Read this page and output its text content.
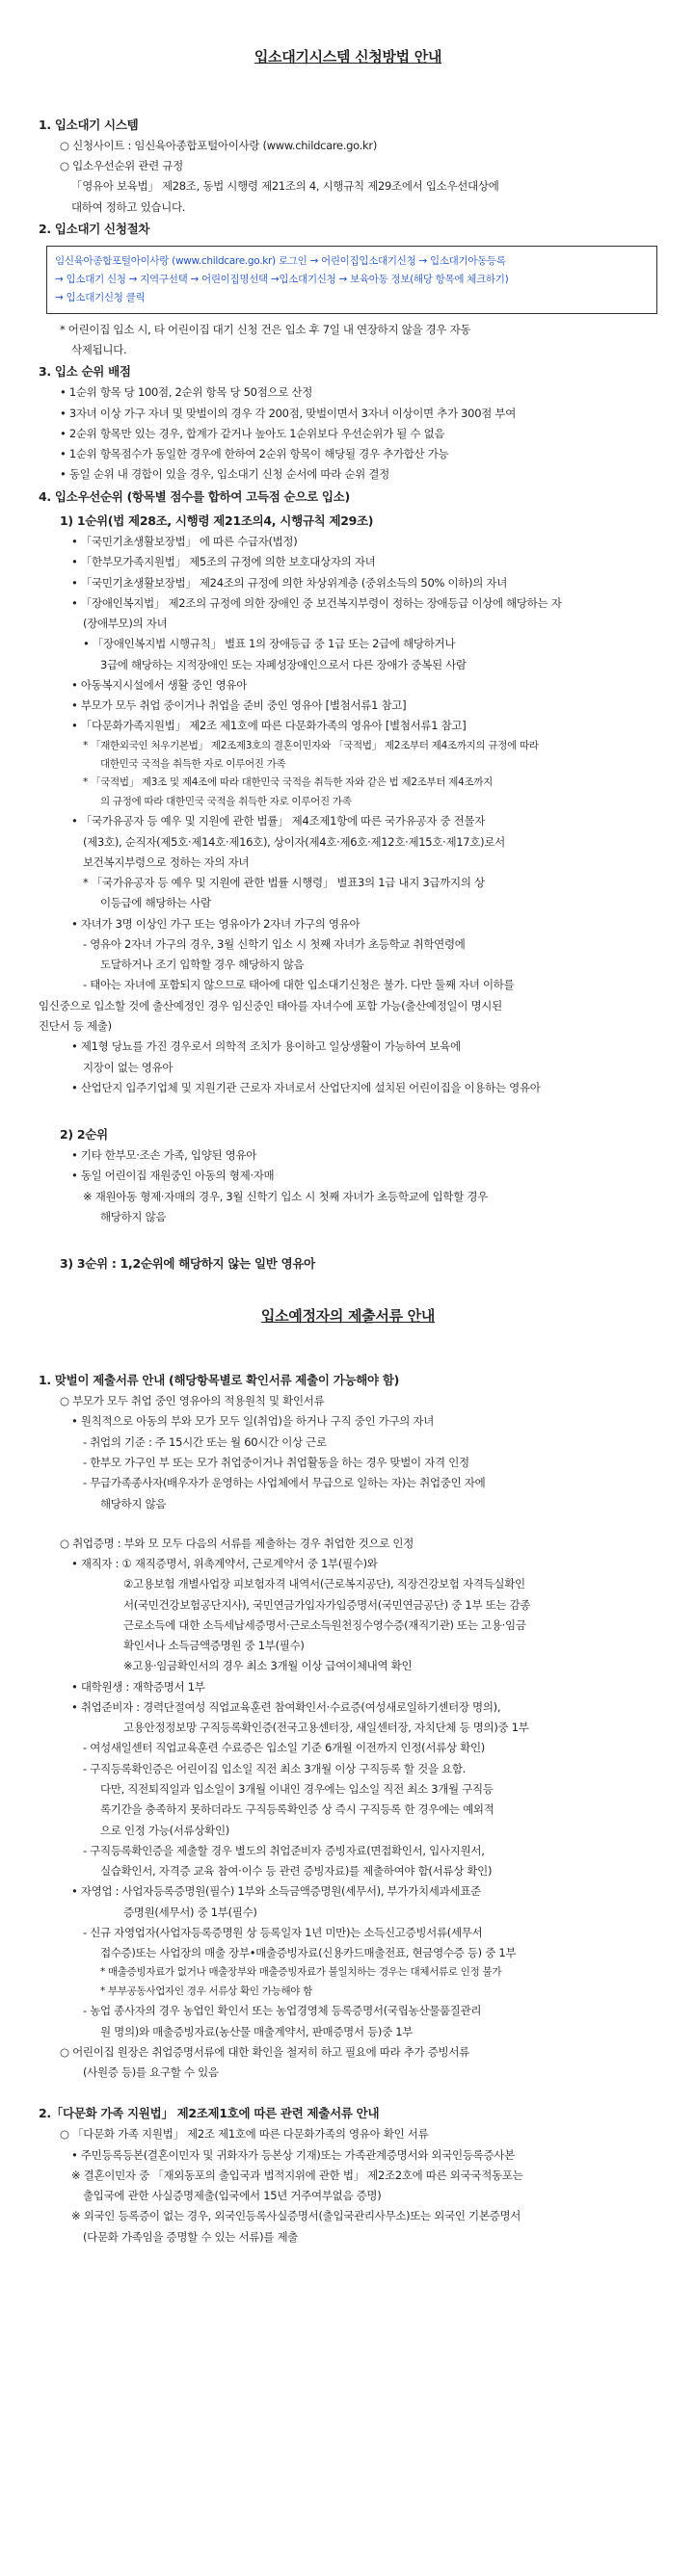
입소대기시스템 신청방법 안내
1. 입소대기 시스템
○ 신청사이트 : 임신육아종합포털아이사랑 (www.childcare.go.kr)
○ 입소우선순위 관련 규정
「영유아 보육법」 제28조, 동법 시행령 제21조의 4, 시행규칙 제29조에서 입소우선대상에
대하여 정하고 있습니다.
2. 입소대기 신청절차
임신육아종합포털아이사랑 (www.childcare.go.kr) 로그인 → 어린이집입소대기신청 → 입소대기아동등록
→ 입소대기 신청 → 지역구선택 → 어린이집명선택 →입소대기신청 → 보육아동 정보(해당 항목에 체크하기)
→ 입소대기신청 클릭
* 어린이집 입소 시, 타 어린이집 대기 신청 건은 입소 후 7일 내 연장하지 않을 경우 자동
삭제됩니다.
3. 입소 순위 배점
• 1순위 항목 당 100점, 2순위 항목 당 50점으로 산정
• 3자녀 이상 가구 자녀 및 맞벌이의 경우 각 200점, 맞벌이면서 3자녀 이상이면 추가 300점 부여
• 2순위 항목만 있는 경우, 합계가 같거나 높아도 1순위보다 우선순위가 될 수 없음
• 1순위 항목점수가 동일한 경우에 한하여 2순위 항목이 해당될 경우 추가합산 가능
• 동일 순위 내 경합이 있을 경우, 입소대기 신청 순서에 따라 순위 결정
4. 입소우선순위 (항목별 점수를 합하여 고득점 순으로 입소)
1) 1순위(법 제28조, 시행령 제21조의4, 시행규칙 제29조)
• 「국민기초생활보장법」 에 따른 수급자(법정)
• 「한부모가족지원법」 제5조의 규정에 의한 보호대상자의 자녀
• 「국민기초생활보장법」 제24조의 규정에 의한 차상위계층 (중위소득의 50% 이하)의 자녀
• 「장애인복지법」 제2조의 규정에 의한 장애인 중 보건복지부령이 정하는 장애등급 이상에 해당하는 자
(장애부모)의 자녀
• 「장애인복지법 시행규칙」 별표 1의 장애등급 중 1급 또는 2급에 해당하거나
3급에 해당하는 지적장애인 또는 자폐성장애인으로서 다른 장애가 중복된 사람
• 아동복지시설에서 생활 중인 영유아
• 부모가 모두 취업 중이거나 취업을 준비 중인 영유아 [별첨서류1 참고]
• 「다문화가족지원법」 제2조 제1호에 따른 다문화가족의 영유아 [별첨서류1 참고]
* 「재한외국인 처우기본법」 제2조제3호의 결혼이민자와 「국적법」 제2조부터 제4조까지의 규정에 따라
대한민국 국적을 취득한 자로 이루어진 가족
* 「국적법」 제3조 및 제4조에 따라 대한민국 국적을 취득한 자와 같은 법 제2조부터 제4조까지
의 규정에 따라 대한민국 국적을 취득한 자로 이루어진 가족
• 「국가유공자 등 예우 및 지원에 관한 법률」 제4조제1항에 따른 국가유공자 중 전몰자
(제3호), 순직자(제5호·제14호·제16호), 상이자(제4호·제6호·제12호·제15호·제17호)로서
보건복지부령으로 정하는 자의 자녀
* 「국가유공자 등 예우 및 지원에 관한 법률 시행령」 별표3의 1급 내지 3급까지의 상
이등급에 해당하는 사람
• 자녀가 3명 이상인 가구 또는 영유아가 2자녀 가구의 영유아
- 영유아 2자녀 가구의 경우, 3월 신학기 입소 시 첫째 자녀가 초등학교 취학연령에
도달하거나 조기 입학할 경우 해당하지 않음
- 태아는 자녀에 포함되지 않으므로 태아에 대한 입소대기신청은 불가. 다만 둘째 자녀 이하를
임신중으로 입소할 것에 출산예정인 경우 임신중인 태아를 자녀수에 포함 가능(출산예정일이 명시된
진단서 등 제출)
• 제1형 당뇨를 가진 경우로서 의학적 조치가 용이하고 일상생활이 가능하여 보육에
지장이 없는 영유아
• 산업단지 입주기업체 및 지원기관 근로자 자녀로서 산업단지에 설치된 어린이집을 이용하는 영유아
2) 2순위
• 기타 한부모·조손 가족, 입양된 영유아
• 동일 어린이집 재원중인 아동의 형제·자매
※ 재원아동 형제·자매의 경우, 3월 신학기 입소 시 첫째 자녀가 초등학교에 입학할 경우
해당하지 않음
3) 3순위 : 1,2순위에 해당하지 않는 일반 영유아
입소예정자의 제출서류 안내
1. 맞벌이 제출서류 안내 (해당항목별로 확인서류 제출이 가능해야 함)
○ 부모가 모두 취업 중인 영유아의 적용원칙 및 확인서류
• 원칙적으로 아동의 부와 모가 모두 일(취업)을 하거나 구직 중인 가구의 자녀
- 취업의 기준 : 주 15시간 또는 월 60시간 이상 근로
- 한부모 가구인 부 또는 모가 취업중이거나 취업활동을 하는 경우 맞벌이 자격 인정
- 무급가족종사자(배우자가 운영하는 사업체에서 무급으로 일하는 자)는 취업중인 자에
해당하지 않음
○ 취업증명 : 부와 모 모두 다음의 서류를 제출하는 경우 취업한 것으로 인정
• 재직자 : ① 재직증명서, 위촉계약서, 근로계약서 중 1부(필수)와
②고용보험 개별사업장 피보험자격 내역서(근로복지공단), 직장건강보험 자격득실확인
서(국민건강보험공단지사), 국민연금가입자가입증명서(국민연금공단) 중 1부 또는 감종
근로소득에 대한 소득세납세증명서·근로소득원천징수영수증(재직기관) 또는 고용·임금
확인서나 소득금액증명원 중 1부(필수)
※고용·임금확인서의 경우 최소 3개월 이상 급여이체내역 확인
• 대학원생 : 재학증명서 1부
• 취업준비자 : 경력단절여성 직업교육훈련 참여확인서·수료증(여성새로일하기센터장 명의),
고용안정정보망 구직등록확인증(전국고용센터장, 새일센터장, 자치단체 등 명의)중 1부
- 여성새일센터 직업교육훈련 수료증은 입소일 기준 6개월 이전까지 인정(서류상 확인)
- 구직등록확인증은 어린이집 입소일 직전 최소 3개월 이상 구직등록 할 것을 요함.
다만, 직전퇴직일과 입소일이 3개월 이내인 경우에는 입소일 직전 최소 3개월 구직등
록기간을 충족하지 못하더라도 구직등록확인증 상 즉시 구직등록 한 경우에는 예외적
으로 인정 가능(서류상확인)
- 구직등록확인증을 제출할 경우 별도의 취업준비자 증빙자료(면접확인서, 입사지원서,
실습확인서, 자격증 교육 참여·이수 등 관련 증빙자료)를 제출하여야 함(서류상 확인)
• 자영업 : 사업자등록증명원(필수) 1부와 소득금액증명원(세무서), 부가가치세과세표준
증명원(세무서) 중 1부(필수)
- 신규 자영업자(사업자등록증명원 상 등록일자 1년 미만)는 소득신고증빙서류(세무서
접수증)또는 사업장의 매출 장부•매출증빙자료(신용카드매출전표, 현금영수증 등) 중 1부
* 매출증빙자료가 없거나 매출장부와 매출증빙자료가 불일치하는 경우는 대체서류로 인정 불가
* 부부공동사업자인 경우 서류상 확인 가능해야 함
- 농업 종사자의 경우 농업인 확인서 또는 농업경영체 등록증명서(국립농산물품질관리
원 명의)와 매출증빙자료(농산물 매출계약서, 판매증명서 등)중 1부
○ 어린이집 원장은 취업증명서류에 대한 확인을 철저히 하고 필요에 따라 추가 증빙서류
(사원증 등)를 요구할 수 있음
2.「다문화 가족 지원법」 제2조제1호에 따른 관련 제출서류 안내
○ 「다문화 가족 지원법」 제2조 제1호에 따른 다문화가족의 영유아 확인 서류
• 주민등록등본(결혼이민자 및 귀화자가 등본상 기재)또는 가족관계증명서와 외국인등록증사본
※ 결혼이민자 중 「재외동포의 출입국과 법적지위에 관한 법」 제2조2호에 따른 외국국적동포는
출입국에 관한 사실증명제출(입국에서 15년 거주여부없음 증명)
※ 외국인 등록증이 없는 경우, 외국인등록사실증명서(출입국관리사무소)또는 외국인 기본증명서
(다문화 가족임을 증명할 수 있는 서류)를 제출
